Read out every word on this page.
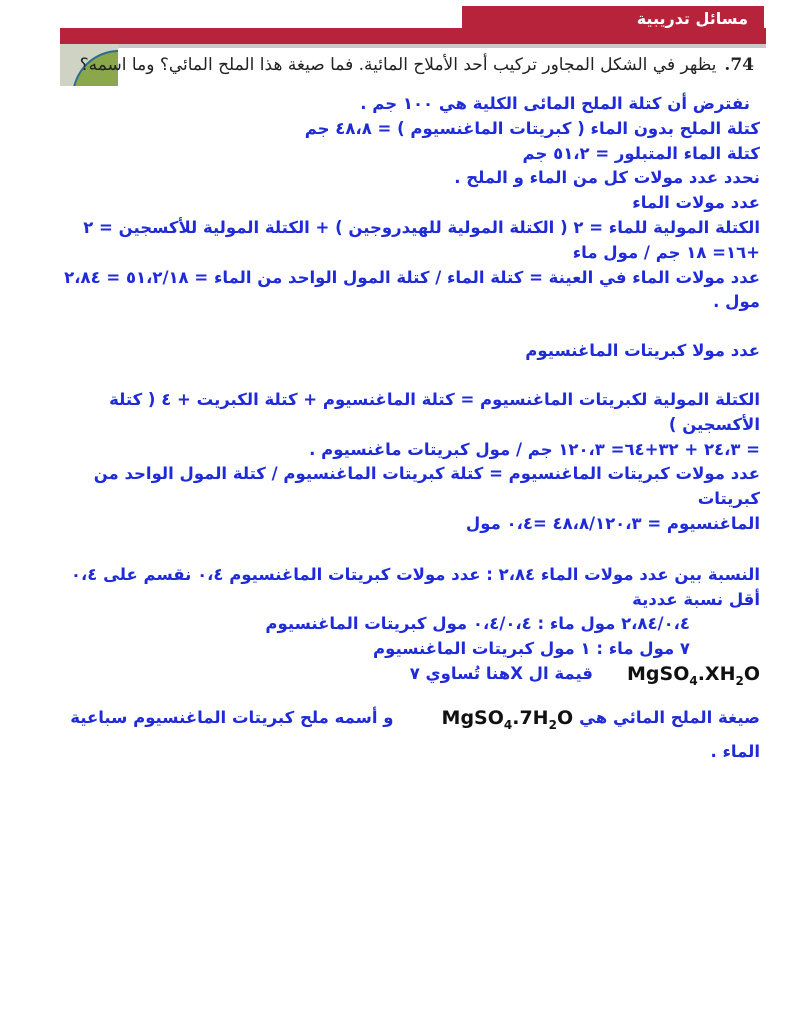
مسائل تدريبية
74.يظهر في الشكل المجاور تركيب أحد الأملاح المائية. فما صيغة هذا الملح المائي؟ وما اسمه؟

نفترض أن كتلة الملح المائى الكلية هي ١٠٠ جم .

كتلة الملح بدون الماء ( كبريتات الماغنسيوم ) = ٤٨،٨ جم

كتلة الماء المتبلور = ٥١،٢ جم

نحدد عدد مولات كل من الماء و الملح .

عدد مولات الماء

الكتلة المولية للماء = ٢ ( الكتلة المولية للهيدروجين ) + الكتلة المولية للأكسجين = ٢

+١٦= ١٨ جم / مول ماء

عدد مولات الماء في العينة = كتلة الماء / كتلة المول الواحد من الماء = ٥١،٢/١٨ = ٢،٨٤

مول .

عدد مولا كبريتات الماغنسيوم

الكتلة المولية لكبريتات الماغنسيوم = كتلة الماغنسيوم + كتلة الكبريت + ٤ ( كتلة الأكسجين )

= ٢٤،٣ + ٣٢+٦٤= ١٢٠،٣ جم / مول كبريتات ماغنسيوم .

عدد مولات كبريتات الماغنسيوم = كتلة كبريتات الماغنسيوم / كتلة المول الواحد من كبريتات

الماغنسيوم = ٤٨،٨/١٢٠،٣ =٠،٤ مول

النسبة بين عدد مولات الماء ٢،٨٤ : عدد مولات كبريتات الماغنسيوم ٠،٤ نقسم على ٠،٤

أقل نسبة عددية

٢،٨٤/٠،٤ مول ماء : ٠،٤/٠،٤ مول كبريتات الماغنسيوم

٧ مول ماء : ١ مول كبريتات الماغنسيوم

$MgSO_4.XH_2O$
قيمة ال Xهنا تُساوي ٧

صيغة الملح المائي هي
$MgSO_4.7H_2O$
و أسمه ملح كبريتات الماغنسيوم سباعية

الماء .
